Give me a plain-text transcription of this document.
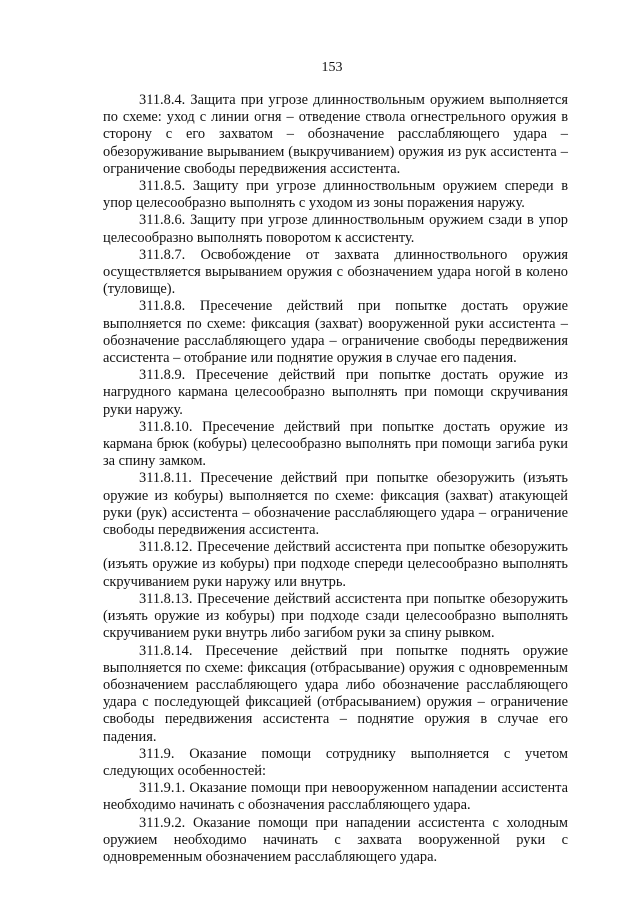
153

311.8.4. Защита при угрозе длинноствольным оружием выполняется по схеме: уход с линии огня – отведение ствола огнестрельного оружия в сторону с его захватом – обозначение расслабляющего удара – обезоруживание вырыванием (выкручиванием) оружия из рук ассистента – ограничение свободы передвижения ассистента.

311.8.5. Защиту при угрозе длинноствольным оружием спереди в упор целесообразно выполнять с уходом из зоны поражения наружу.

311.8.6. Защиту при угрозе длинноствольным оружием сзади в упор целесообразно выполнять поворотом к ассистенту.

311.8.7. Освобождение от захвата длинноствольного оружия осуществляется вырыванием оружия с обозначением удара ногой в колено (туловище).

311.8.8. Пресечение действий при попытке достать оружие выполняется по схеме: фиксация (захват) вооруженной руки ассистента – обозначение расслабляющего удара – ограничение свободы передвижения ассистента – отобрание или поднятие оружия в случае его падения.

311.8.9. Пресечение действий при попытке достать оружие из нагрудного кармана целесообразно выполнять при помощи скручивания руки наружу.

311.8.10. Пресечение действий при попытке достать оружие из кармана брюк (кобуры) целесообразно выполнять при помощи загиба руки за спину замком.

311.8.11. Пресечение действий при попытке обезоружить (изъять оружие из кобуры) выполняется по схеме: фиксация (захват) атакующей руки (рук) ассистента – обозначение расслабляющего удара – ограничение свободы передвижения ассистента.

311.8.12. Пресечение действий ассистента при попытке обезоружить (изъять оружие из кобуры) при подходе спереди целесообразно выполнять скручиванием руки наружу или внутрь.

311.8.13. Пресечение действий ассистента при попытке обезоружить (изъять оружие из кобуры) при подходе сзади целесообразно выполнять скручиванием руки внутрь либо загибом руки за спину рывком.

311.8.14. Пресечение действий при попытке поднять оружие выполняется по схеме: фиксация (отбрасывание) оружия с одновременным обозначением расслабляющего удара либо обозначение расслабляющего удара с последующей фиксацией (отбрасыванием) оружия – ограничение свободы передвижения ассистента – поднятие оружия в случае его падения.

311.9. Оказание помощи сотруднику выполняется с учетом следующих особенностей:

311.9.1. Оказание помощи при невооруженном нападении ассистента необходимо начинать с обозначения расслабляющего удара.

311.9.2. Оказание помощи при нападении ассистента с холодным оружием необходимо начинать с захвата вооруженной руки с одновременным обозначением расслабляющего удара.
